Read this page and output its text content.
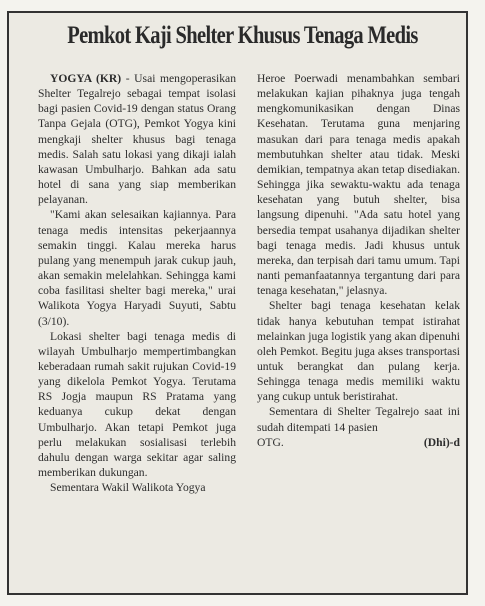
Pemkot Kaji Shelter Khusus Tenaga Medis

YOGYA (KR) - Usai mengoperasikan Shelter Tegalrejo sebagai tempat isolasi bagi pasien Covid-19 dengan status Orang Tanpa Gejala (OTG), Pemkot Yogya kini mengkaji shelter khusus bagi tenaga medis. Salah satu lokasi yang dikaji ialah kawasan Umbulharjo. Bahkan ada satu hotel di sana yang siap memberikan pelayanan.

"Kami akan selesaikan kajiannya. Para tenaga medis intensitas pekerjaannya semakin tinggi. Kalau mereka harus pulang yang menempuh jarak cukup jauh, akan semakin melelahkan. Sehingga kami coba fasilitasi shelter bagi mereka," urai Walikota Yogya Haryadi Suyuti, Sabtu (3/10).

Lokasi shelter bagi tenaga medis di wilayah Umbulharjo mempertimbangkan keberadaan rumah sakit rujukan Covid-19 yang dikelola Pemkot Yogya. Terutama RS Jogja maupun RS Pratama yang keduanya cukup dekat dengan Umbulharjo. Akan tetapi Pemkot juga perlu melakukan sosialisasi terlebih dahulu dengan warga sekitar agar saling memberikan dukungan.

Sementara Wakil Walikota Yogya

Heroe Poerwadi menambahkan sembari melakukan kajian pihaknya juga tengah mengkomunikasikan dengan Dinas Kesehatan. Terutama guna menjaring masukan dari para tenaga medis apakah membutuhkan shelter atau tidak. Meski demikian, tempatnya akan tetap disediakan. Sehingga jika sewaktu-waktu ada tenaga kesehatan yang butuh shelter, bisa langsung dipenuhi. "Ada satu hotel yang bersedia tempat usahanya dijadikan shelter bagi tenaga medis. Jadi khusus untuk mereka, dan terpisah dari tamu umum. Tapi nanti pemanfaatannya tergantung dari para tenaga kesehatan," jelasnya.

Shelter bagi tenaga kesehatan kelak tidak hanya kebutuhan tempat istirahat melainkan juga logistik yang akan dipenuhi oleh Pemkot. Begitu juga akses transportasi untuk berangkat dan pulang kerja. Sehingga tenaga medis memiliki waktu yang cukup untuk beristirahat.

Sementara di Shelter Tegalrejo saat ini sudah ditempati 14 pasien

OTG.	(Dhi)-d
